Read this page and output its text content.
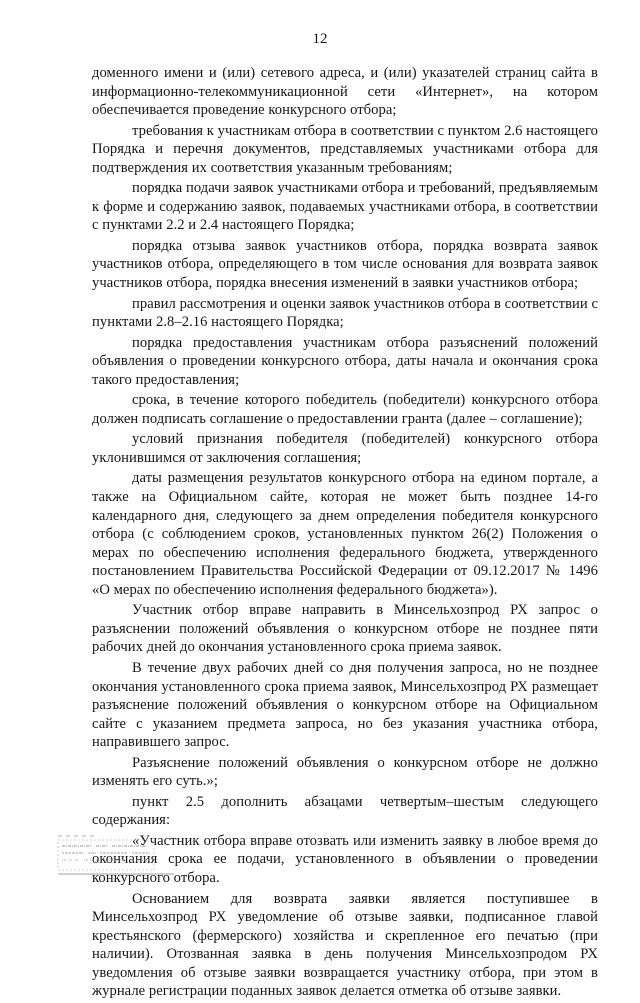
12

доменного имени и (или) сетевого адреса, и (или) указателей страниц сайта в информационно-телекоммуникационной сети «Интернет», на котором обеспечивается проведение конкурсного отбора;

требования к участникам отбора в соответствии с пунктом 2.6 настоящего Порядка и перечня документов, представляемых участниками отбора для подтверждения их соответствия указанным требованиям;

порядка подачи заявок участниками отбора и требований, предъявляемым к форме и содержанию заявок, подаваемых участниками отбора, в соответствии с пунктами 2.2 и 2.4 настоящего Порядка;

порядка отзыва заявок участников отбора, порядка возврата заявок участников отбора, определяющего в том числе основания для возврата заявок участников отбора, порядка внесения изменений в заявки участников отбора;

правил рассмотрения и оценки заявок участников отбора в соответствии с пунктами 2.8–2.16 настоящего Порядка;

порядка предоставления участникам отбора разъяснений положений объявления о проведении конкурсного отбора, даты начала и окончания срока такого предоставления;

срока, в течение которого победитель (победители) конкурсного отбора должен подписать соглашение о предоставлении гранта (далее – соглашение);

условий признания победителя (победителей) конкурсного отбора уклонившимся от заключения соглашения;

даты размещения результатов конкурсного отбора на едином портале, а также на Официальном сайте, которая не может быть позднее 14-го календарного дня, следующего за днем определения победителя конкурсного отбора (с соблюдением сроков, установленных пунктом 26(2) Положения о мерах по обеспечению исполнения федерального бюджета, утвержденного постановлением Правительства Российской Федерации от 09.12.2017 № 1496 «О мерах по обеспечению исполнения федерального бюджета»).

Участник отбор вправе направить в Минсельхозпрод РХ запрос о разъяснении положений объявления о конкурсном отборе не позднее пяти рабочих дней до окончания установленного срока приема заявок.

В течение двух рабочих дней со дня получения запроса, но не позднее окончания установленного срока приема заявок, Минсельхозпрод РХ размещает разъяснение положений объявления о конкурсном отборе на Официальном сайте с указанием предмета запроса, но без указания участника отбора, направившего запрос.

Разъяснение положений объявления о конкурсном отборе не должно изменять его суть.»;

пункт 2.5 дополнить абзацами четвертым–шестым следующего содержания:

«Участник отбора вправе отозвать или изменить заявку в любое время до окончания срока ее подачи, установленного в объявлении о проведении конкурсного отбора.

Основанием для возврата заявки является поступившее в Минсельхозпрод РХ уведомление об отзыве заявки, подписанное главой крестьянского (фермерского) хозяйства и скрепленное его печатью (при наличии). Отозванная заявка в день получения Минсельхозпродом РХ уведомления об отзыве заявки возвращается участнику отбора, при этом в журнале регистрации поданных заявок делается отметка об отзыве заявки.
